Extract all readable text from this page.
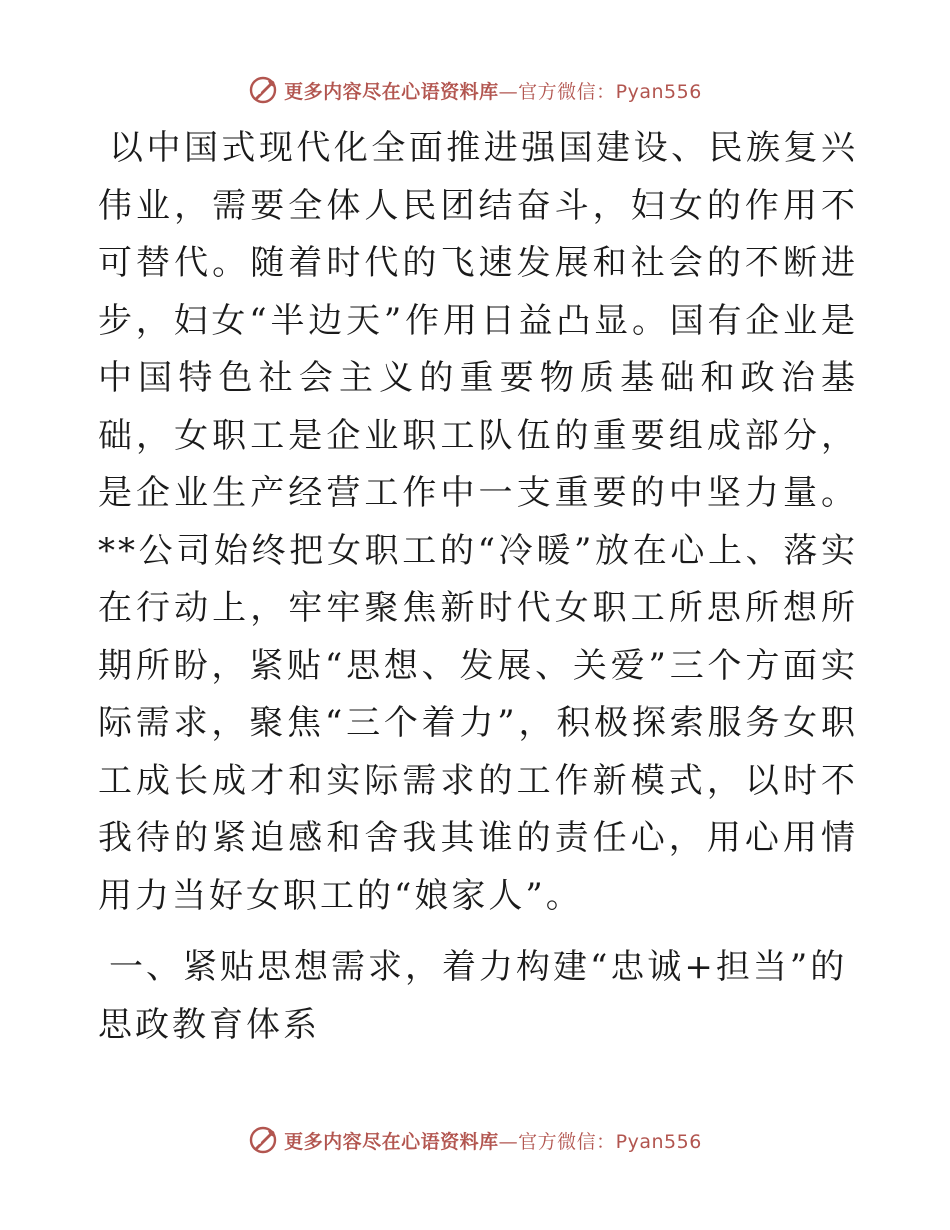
更多内容尽在心语资料库—官方微信：Pyan556

以中国式现代化全面推进强国建设、民族复兴伟业，需要全体人民团结奋斗，妇女的作用不可替代。随着时代的飞速发展和社会的不断进步，妇女“半边天”作用日益凸显。国有企业是中国特色社会主义的重要物质基础和政治基础，女职工是企业职工队伍的重要组成部分，是企业生产经营工作中一支重要的中坚力量。**公司始终把女职工的“冷暖”放在心上、落实在行动上，牢牢聚焦新时代女职工所思所想所期所盼，紧贴“思想、发展、关爱”三个方面实际需求，聚焦“三个着力”，积极探索服务女职工成长成才和实际需求的工作新模式，以时不我待的紧迫感和舍我其谁的责任心，用心用情用力当好女职工的“娘家人”。

一、紧贴思想需求，着力构建“忠诚+担当”的思政教育体系

更多内容尽在心语资料库—官方微信：Pyan556
